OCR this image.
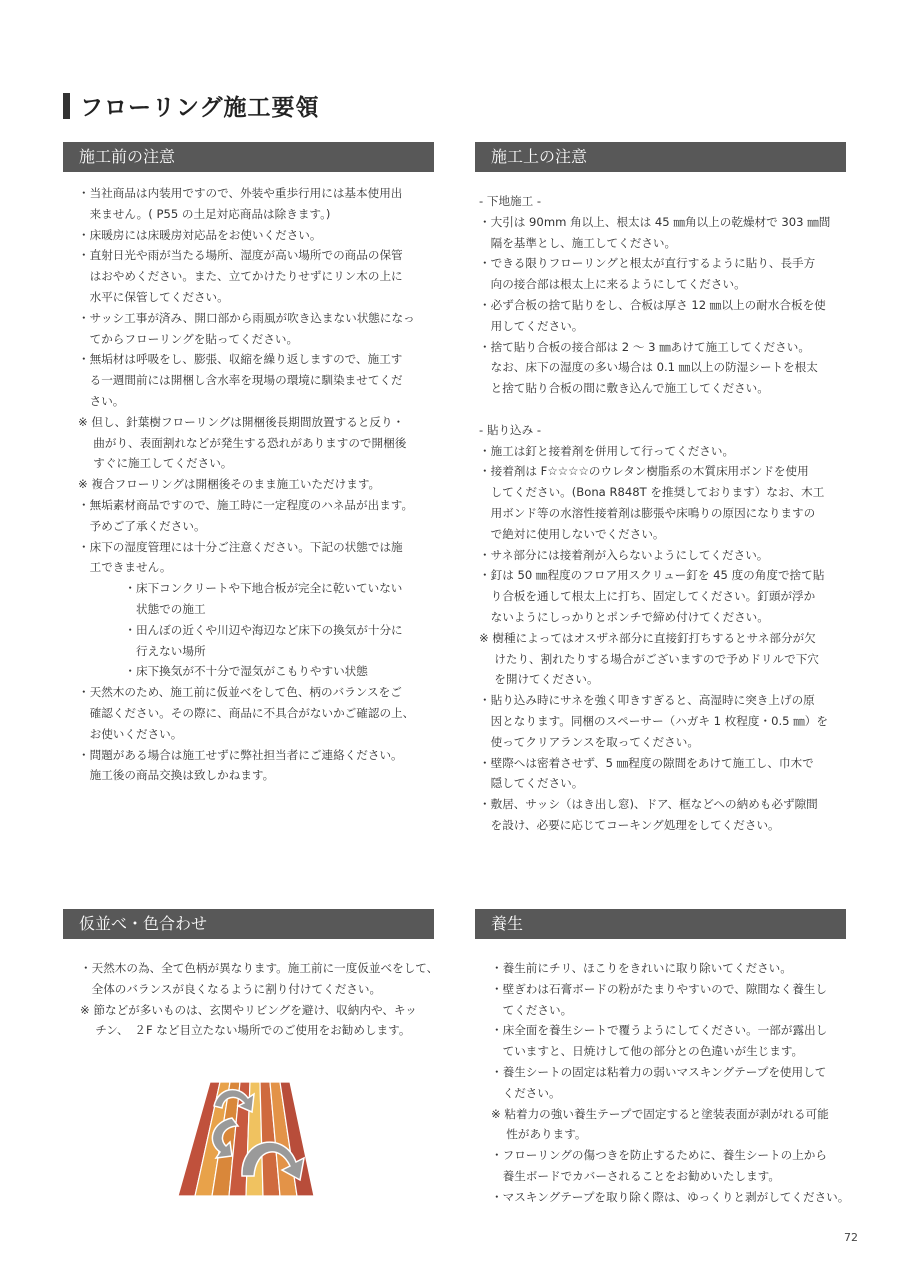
フローリング施工要領
施工前の注意
・当社商品は内装用ですので、外装や重歩行用には基本使用出
　来ません。( P55 の土足対応商品は除きます。)
・床暖房には床暖房対応品をお使いください。
・直射日光や雨が当たる場所、湿度が高い場所での商品の保管
　はおやめください。また、立てかけたりせずにリン木の上に
　水平に保管してください。
・サッシ工事が済み、開口部から雨風が吹き込まない状態になっ
　てからフローリングを貼ってください。
・無垢材は呼吸をし、膨張、収縮を繰り返しますので、施工す
　る一週間前には開梱し含水率を現場の環境に馴染ませてくだ
　さい。
※ 但し、針葉樹フローリングは開梱後長期間放置すると反り・
　 曲がり、表面割れなどが発生する恐れがありますので開梱後
　 すぐに施工してください。
※ 複合フローリングは開梱後そのまま施工いただけます。
・無垢素材商品ですので、施工時に一定程度のハネ品が出ます。
　予めご了承ください。
・床下の湿度管理には十分ご注意ください。下記の状態では施
　工できません。
　　　　・床下コンクリートや下地合板が完全に乾いていない
　　　　　状態での施工
　　　　・田んぼの近くや川辺や海辺など床下の換気が十分に
　　　　　行えない場所
　　　　・床下換気が不十分で湿気がこもりやすい状態
・天然木のため、施工前に仮並べをして色、柄のバランスをご
　確認ください。その際に、商品に不具合がないかご確認の上、
　お使いください。
・問題がある場合は施工せずに弊社担当者にご連絡ください。
　施工後の商品交換は致しかねます。
施工上の注意
- 下地施工 -
・大引は 90mm 角以上、根太は 45 ㎜角以上の乾燥材で 303 ㎜間
　隔を基準とし、施工してください。
・できる限りフローリングと根太が直行するように貼り、長手方
　向の接合部は根太上に来るようにしてください。
・必ず合板の捨て貼りをし、合板は厚さ 12 ㎜以上の耐水合板を使
　用してください。
・捨て貼り合板の接合部は 2 ～ 3 ㎜あけて施工してください。
　なお、床下の湿度の多い場合は 0.1 ㎜以上の防湿シートを根太
　と捨て貼り合板の間に敷き込んで施工してください。
- 貼り込み -
・施工は釘と接着剤を併用して行ってください。
・接着剤は F☆☆☆☆のウレタン樹脂系の木質床用ボンドを使用
　してください。(Bona R848T を推奨しております）なお、木工
　用ボンド等の水溶性接着剤は膨張や床鳴りの原因になりますの
　で絶対に使用しないでください。
・サネ部分には接着剤が入らないようにしてください。
・釘は 50 ㎜程度のフロア用スクリュー釘を 45 度の角度で捨て貼
　り合板を通して根太上に打ち、固定してください。釘頭が浮か
　ないようにしっかりとポンチで締め付けてください。
※ 樹種によってはオスザネ部分に直接釘打ちするとサネ部分が欠
　 けたり、割れたりする場合がございますので予めドリルで下穴
　 を開けてください。
・貼り込み時にサネを強く叩きすぎると、高湿時に突き上げの原
　因となります。同梱のスペーサー（ハガキ 1 枚程度・0.5 ㎜）を
　使ってクリアランスを取ってください。
・壁際へは密着させず、5 ㎜程度の隙間をあけて施工し、巾木で
　隠してください。
・敷居、サッシ（はき出し窓)、ドア、框などへの納めも必ず隙間
　を設け、必要に応じてコーキング処理をしてください。
仮並べ・色合わせ
・天然木の為、全て色柄が異なります。施工前に一度仮並べをして、
　全体のバランスが良くなるように割り付けてください。
※ 節などが多いものは、玄関やリビングを避け、収納内や、キッ
　 チン、　２F など目立たない場所でのご使用をお勧めします。
養生
・養生前にチリ、ほこりをきれいに取り除いてください。
・壁ぎわは石膏ボードの粉がたまりやすいので、隙間なく養生し
　てください。
・床全面を養生シートで覆うようにしてください。一部が露出し
　ていますと、日焼けして他の部分との色違いが生じます。
・養生シートの固定は粘着力の弱いマスキングテープを使用して
　ください。
※ 粘着力の強い養生テープで固定すると塗装表面が剥がれる可能
　 性があります。
・フローリングの傷つきを防止するために、養生シートの上から
　養生ボードでカバーされることをお勧めいたします。
・マスキングテープを取り除く際は、ゆっくりと剥がしてください。
72
